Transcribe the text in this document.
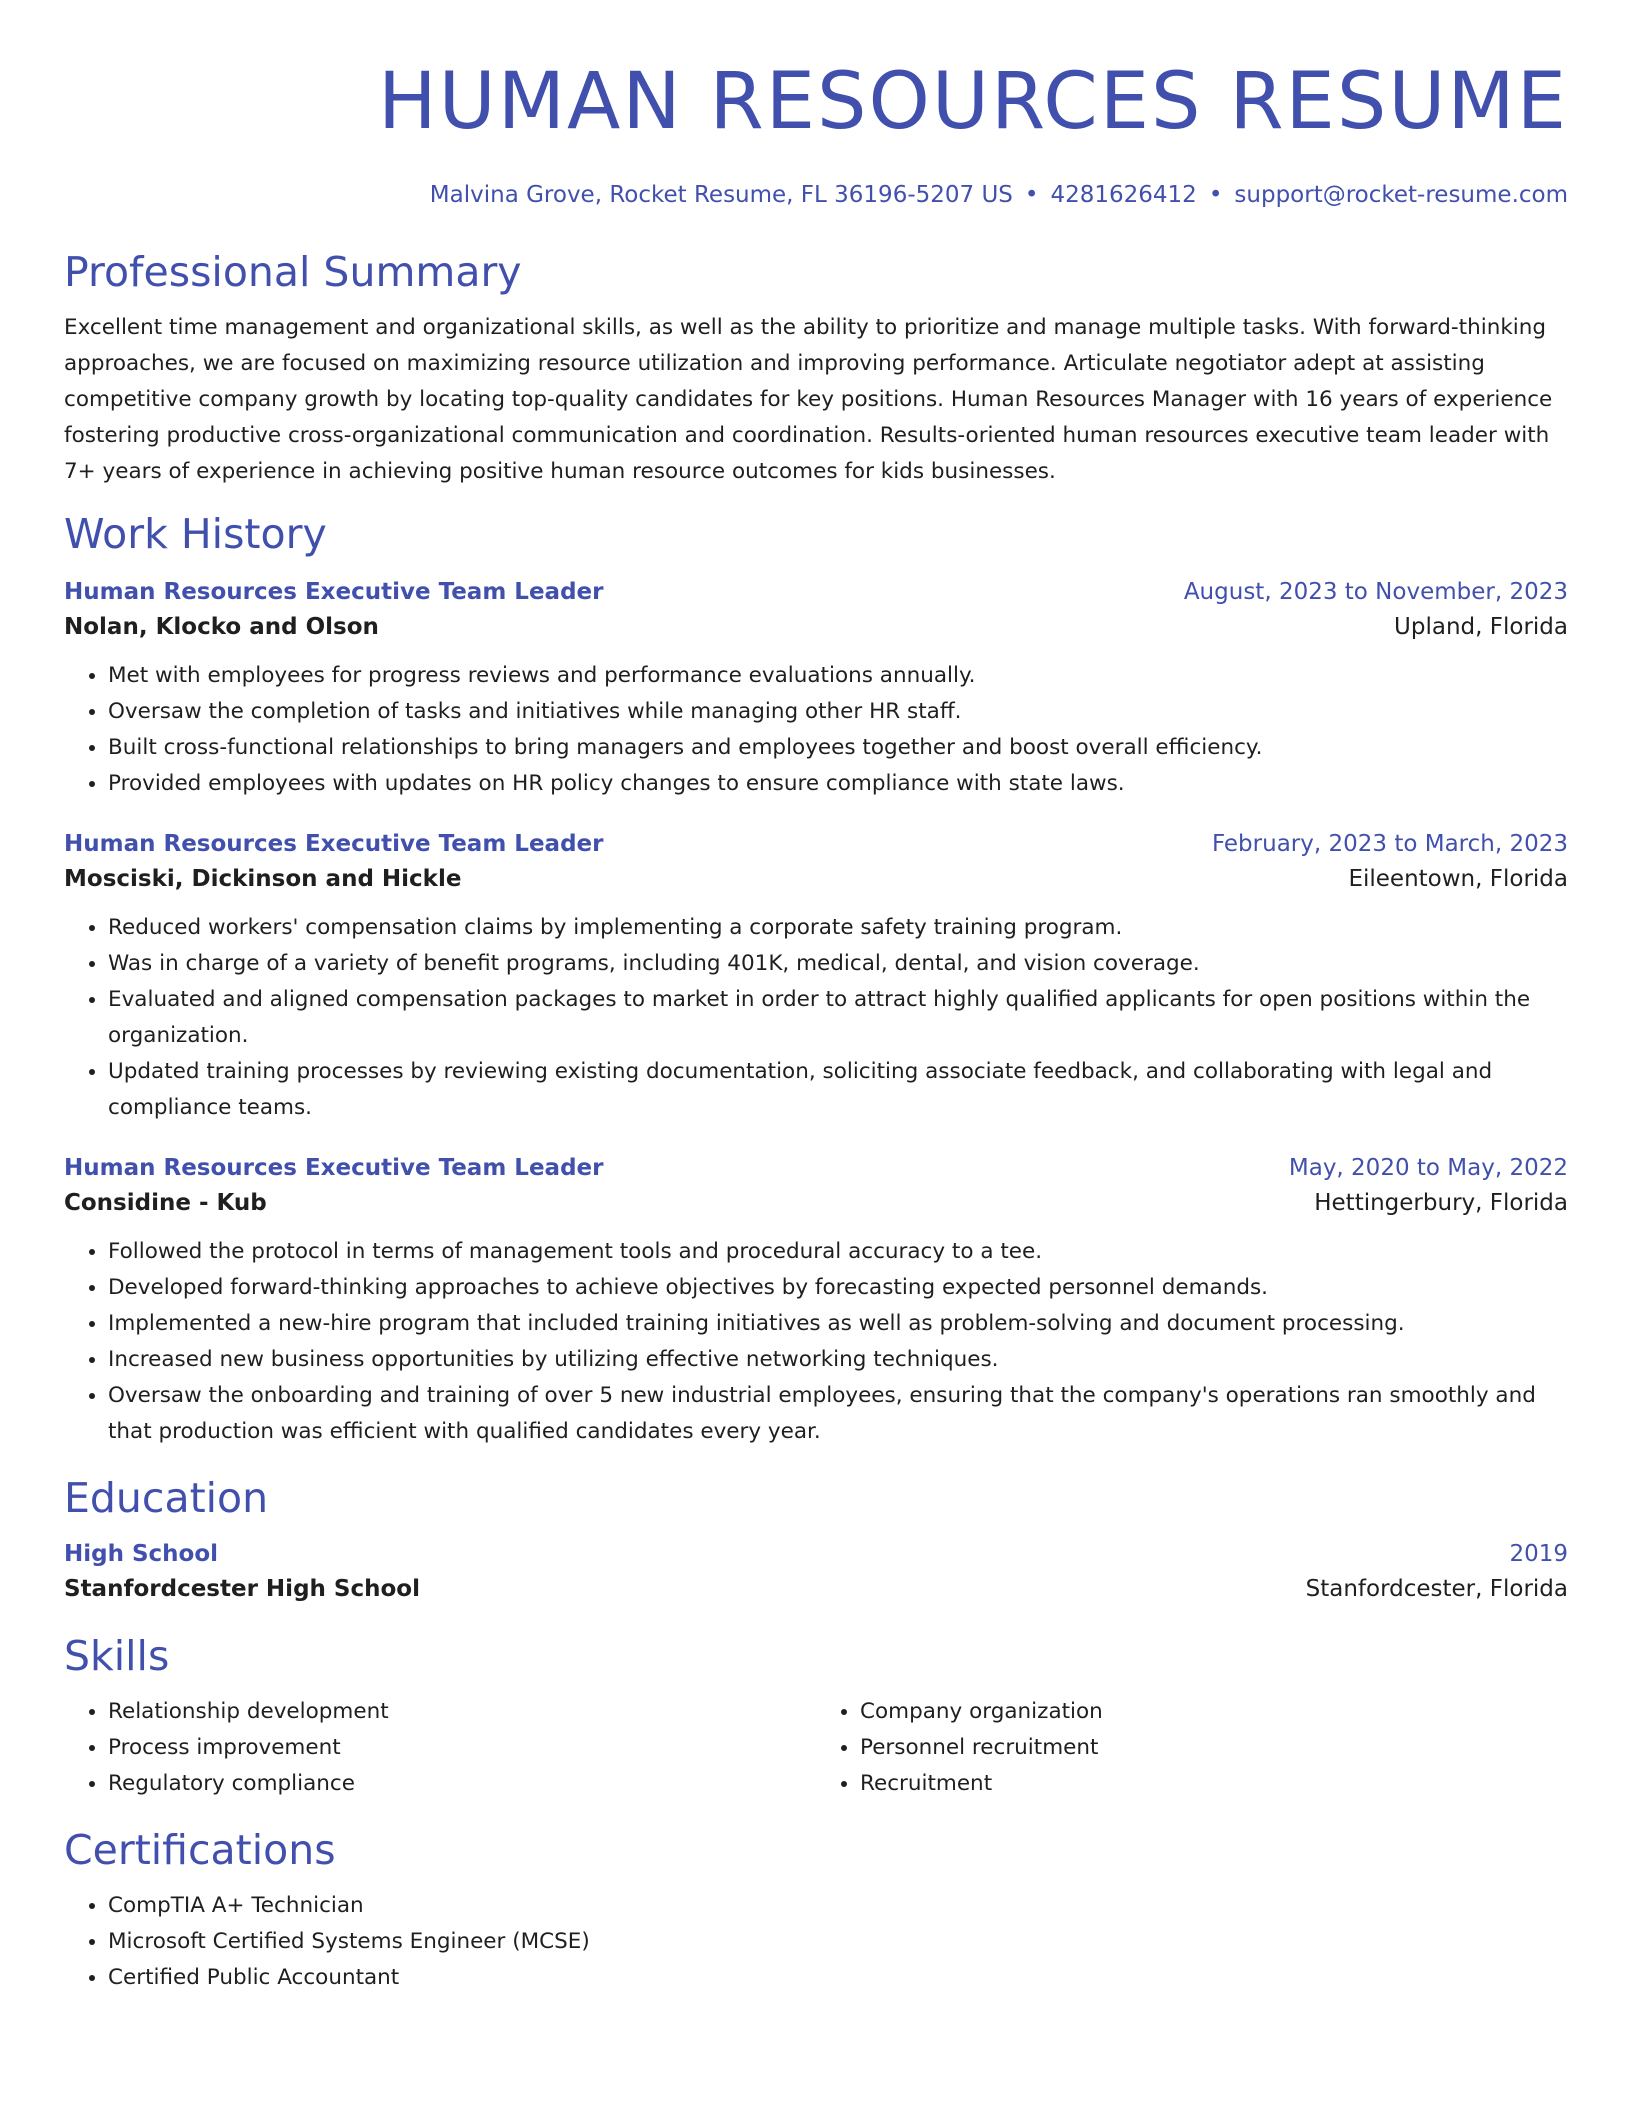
HUMAN RESOURCES RESUME
Malvina Grove, Rocket Resume, FL 36196-5207 US • 4281626412 • support@rocket-resume.com
Professional Summary
Excellent time management and organizational skills, as well as the ability to prioritize and manage multiple tasks. With forward-thinking approaches, we are focused on maximizing resource utilization and improving performance. Articulate negotiator adept at assisting competitive company growth by locating top-quality candidates for key positions. Human Resources Manager with 16 years of experience fostering productive cross-organizational communication and coordination. Results-oriented human resources executive team leader with 7+ years of experience in achieving positive human resource outcomes for kids businesses.
Work History
Human Resources Executive Team Leader	August, 2023 to November, 2023
Nolan, Klocko and Olson	Upland, Florida
• Met with employees for progress reviews and performance evaluations annually.
• Oversaw the completion of tasks and initiatives while managing other HR staff.
• Built cross-functional relationships to bring managers and employees together and boost overall efficiency.
• Provided employees with updates on HR policy changes to ensure compliance with state laws.
Human Resources Executive Team Leader	February, 2023 to March, 2023
Mosciski, Dickinson and Hickle	Eileentown, Florida
• Reduced workers' compensation claims by implementing a corporate safety training program.
• Was in charge of a variety of benefit programs, including 401K, medical, dental, and vision coverage.
• Evaluated and aligned compensation packages to market in order to attract highly qualified applicants for open positions within the organization.
• Updated training processes by reviewing existing documentation, soliciting associate feedback, and collaborating with legal and compliance teams.
Human Resources Executive Team Leader	May, 2020 to May, 2022
Considine - Kub	Hettingerbury, Florida
• Followed the protocol in terms of management tools and procedural accuracy to a tee.
• Developed forward-thinking approaches to achieve objectives by forecasting expected personnel demands.
• Implemented a new-hire program that included training initiatives as well as problem-solving and document processing.
• Increased new business opportunities by utilizing effective networking techniques.
• Oversaw the onboarding and training of over 5 new industrial employees, ensuring that the company's operations ran smoothly and that production was efficient with qualified candidates every year.
Education
High School	2019
Stanfordcester High School	Stanfordcester, Florida
Skills
• Relationship development
• Process improvement
• Regulatory compliance
• Company organization
• Personnel recruitment
• Recruitment
Certifications
• CompTIA A+ Technician
• Microsoft Certified Systems Engineer (MCSE)
• Certified Public Accountant
